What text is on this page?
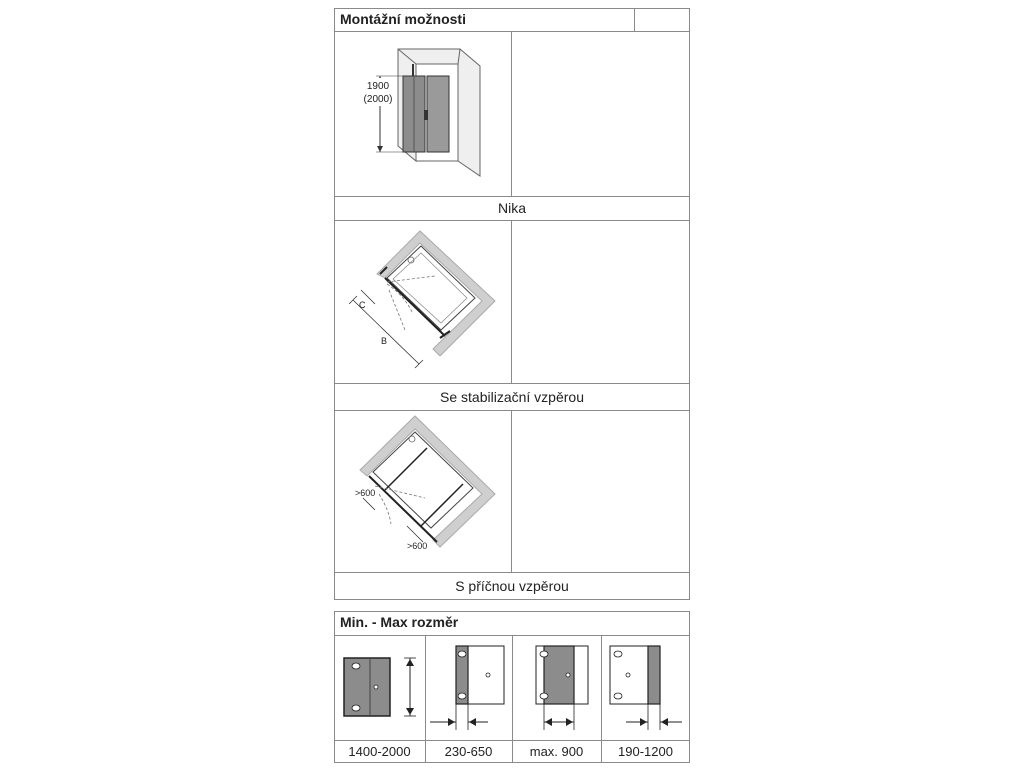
Montážní možnosti
Nika
1900
(2000)
Se stabilizační vzpěrou
B
C
S příčnou vzpěrou
>600
>600
Min. - Max rozměr
1400-2000	230-650	max. 900	190-1200
